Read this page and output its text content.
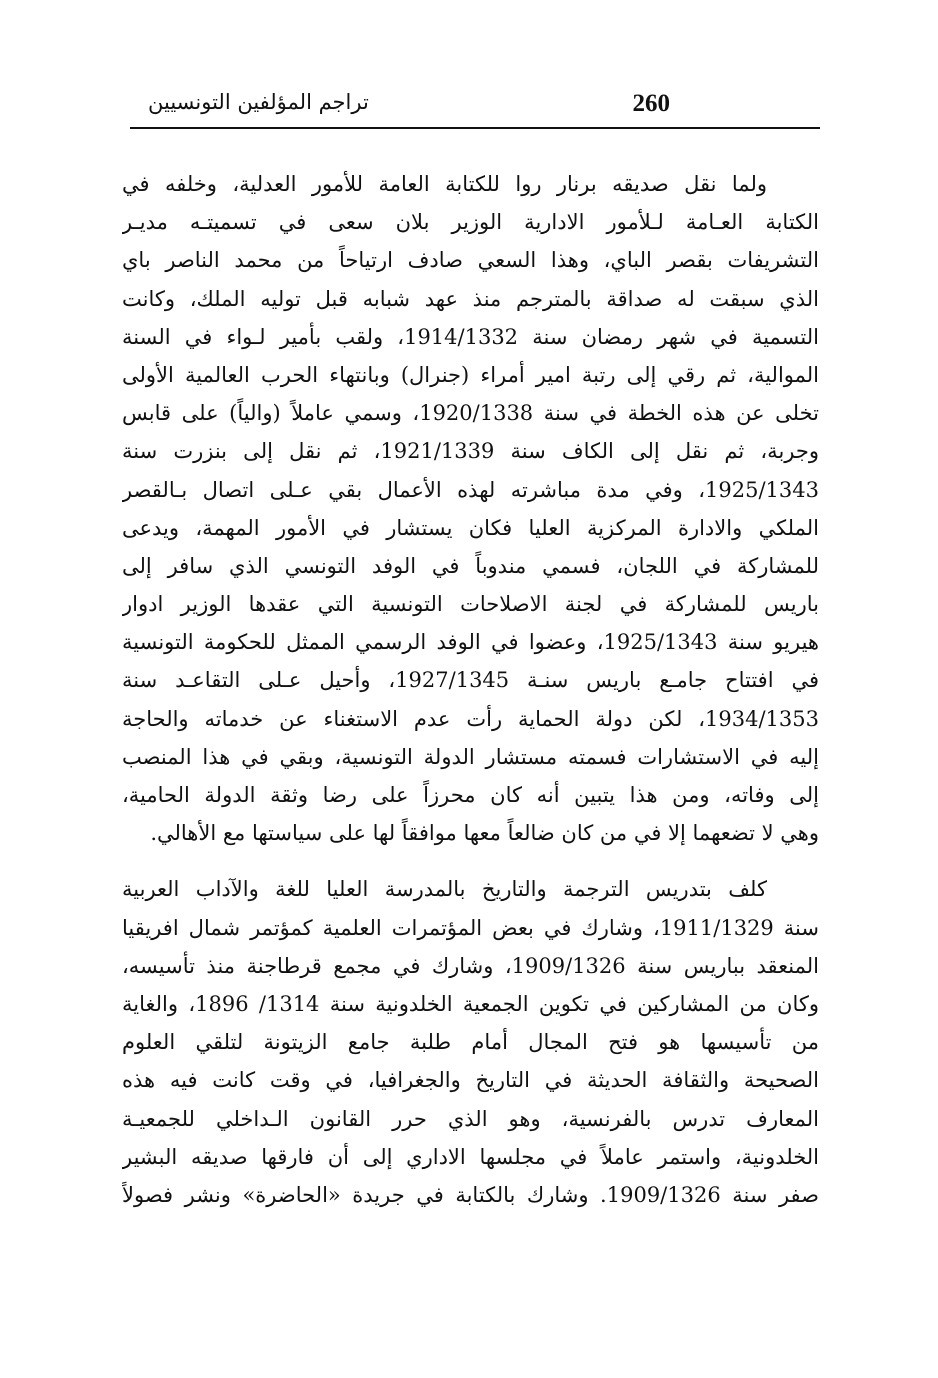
260
تراجم المؤلفين التونسيين
ولما نقل صديقه برنار روا للكتابة العامة للأمور العدلية، وخلفه في
الكتابة العـامة لـلأمور الادارية الوزير بلان سعى في تسميتـه مديـر
التشريفات بقصر الباي، وهذا السعي صادف ارتياحاً من محمد الناصر باي
الذي سبقت له صداقة بالمترجم منذ عهد شبابه قبل توليه الملك، وكانت
التسمية في شهر رمضان سنة 1914/1332، ولقب بأمير لـواء في السنة
الموالية، ثم رقي إلى رتبة امير أمراء (جنرال) وبانتهاء الحرب العالمية الأولى
تخلى عن هذه الخطة في سنة 1920/1338، وسمي عاملاً (والياً) على قابس
وجربة، ثم نقل إلى الكاف سنة 1921/1339، ثم نقل إلى بنزرت سنة
1925/1343، وفي مدة مباشرته لهذه الأعمال بقي عـلى اتصال بـالقصر
الملكي والادارة المركزية العليا فكان يستشار في الأمور المهمة، ويدعى
للمشاركة في اللجان، فسمي مندوباً في الوفد التونسي الذي سافر إلى
باريس للمشاركة في لجنة الاصلاحات التونسية التي عقدها الوزير ادوار
هيريو سنة 1925/1343، وعضوا في الوفد الرسمي الممثل للحكومة التونسية
في افتتاح جامـع باريس سنـة 1927/1345، وأحيل عـلى التقاعـد سنة
1934/1353، لكن دولة الحماية رأت عدم الاستغناء عن خدماته والحاجة
إليه في الاستشارات فسمته مستشار الدولة التونسية، وبقي في هذا المنصب
إلى وفاته، ومن هذا يتبين أنه كان محرزاً على رضا وثقة الدولة الحامية،
وهي لا تضعهما إلا في من كان ضالعاً معها موافقاً لها على سياستها مع الأهالي.
كلف بتدريس الترجمة والتاريخ بالمدرسة العليا للغة والآداب العربية
سنة 1911/1329، وشارك في بعض المؤتمرات العلمية كمؤتمر شمال افريقيا
المنعقد بباريس سنة 1909/1326، وشارك في مجمع قرطاجنة منذ تأسيسه،
وكان من المشاركين في تكوين الجمعية الخلدونية سنة 1314/ 1896، والغاية
من تأسيسها هو فتح المجال أمام طلبة جامع الزيتونة لتلقي العلوم
الصحيحة والثقافة الحديثة في التاريخ والجغرافيا، في وقت كانت فيه هذه
المعارف تدرس بالفرنسية، وهو الذي حرر القانون الـداخلي للجمعيـة
الخلدونية، واستمر عاملاً في مجلسها الاداري إلى أن فارقها صديقه البشير
صفر سنة 1909/1326. وشارك بالكتابة في جريدة «الحاضرة» ونشر فصولاً
